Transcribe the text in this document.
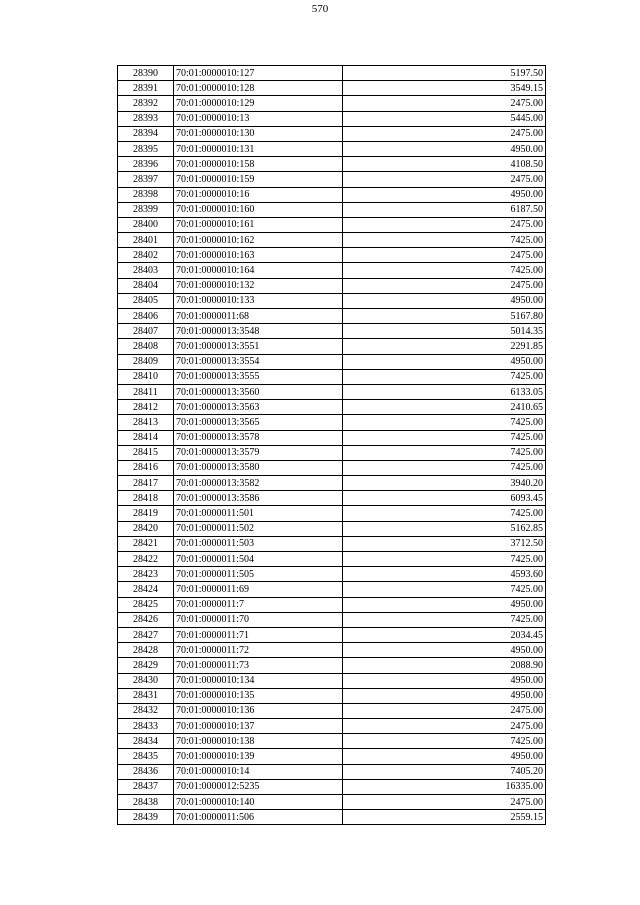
570
28390	70:01:0000010:127	5197.50
28391	70:01:0000010:128	3549.15
28392	70:01:0000010:129	2475.00
28393	70:01:0000010:13	5445.00
28394	70:01:0000010:130	2475.00
28395	70:01:0000010:131	4950.00
28396	70:01:0000010:158	4108.50
28397	70:01:0000010:159	2475.00
28398	70:01:0000010:16	4950.00
28399	70:01:0000010:160	6187.50
28400	70:01:0000010:161	2475.00
28401	70:01:0000010:162	7425.00
28402	70:01:0000010:163	2475.00
28403	70:01:0000010:164	7425.00
28404	70:01:0000010:132	2475.00
28405	70:01:0000010:133	4950.00
28406	70:01:0000011:68	5167.80
28407	70:01:0000013:3548	5014.35
28408	70:01:0000013:3551	2291.85
28409	70:01:0000013:3554	4950.00
28410	70:01:0000013:3555	7425.00
28411	70:01:0000013:3560	6133.05
28412	70:01:0000013:3563	2410.65
28413	70:01:0000013:3565	7425.00
28414	70:01:0000013:3578	7425.00
28415	70:01:0000013:3579	7425.00
28416	70:01:0000013:3580	7425.00
28417	70:01:0000013:3582	3940.20
28418	70:01:0000013:3586	6093.45
28419	70:01:0000011:501	7425.00
28420	70:01:0000011:502	5162.85
28421	70:01:0000011:503	3712.50
28422	70:01:0000011:504	7425.00
28423	70:01:0000011:505	4593.60
28424	70:01:0000011:69	7425.00
28425	70:01:0000011:7	4950.00
28426	70:01:0000011:70	7425.00
28427	70:01:0000011:71	2034.45
28428	70:01:0000011:72	4950.00
28429	70:01:0000011:73	2088.90
28430	70:01:0000010:134	4950.00
28431	70:01:0000010:135	4950.00
28432	70:01:0000010:136	2475.00
28433	70:01:0000010:137	2475.00
28434	70:01:0000010:138	7425.00
28435	70:01:0000010:139	4950.00
28436	70:01:0000010:14	7405.20
28437	70:01:0000012:5235	16335.00
28438	70:01:0000010:140	2475.00
28439	70:01:0000011:506	2559.15
